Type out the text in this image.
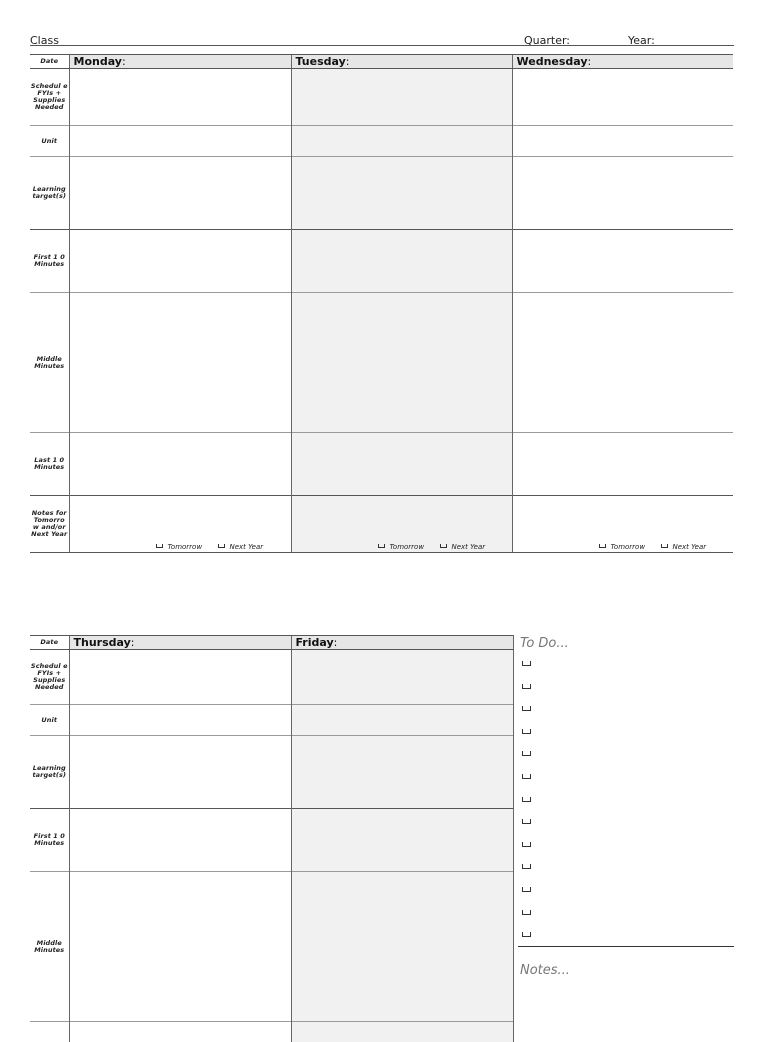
Class	Quarter:	Year:
Date	Monday:	Tuesday:	Wednesday:
Schedul e FYIs + Supplies Needed			
Unit			
Learning target(s)			
First 1 0 Minutes			
Middle Minutes			
Last 1 0 Minutes			
Notes for Tomorro w and/or Next Year	Tomorrow Next Year	Tomorrow Next Year	Tomorrow Next Year
Date	Thursday:	Friday:
Schedul e FYIs + Supplies Needed		
Unit		
Learning target(s)		
First 1 0 Minutes		
Middle Minutes		

To Do...
Notes...
